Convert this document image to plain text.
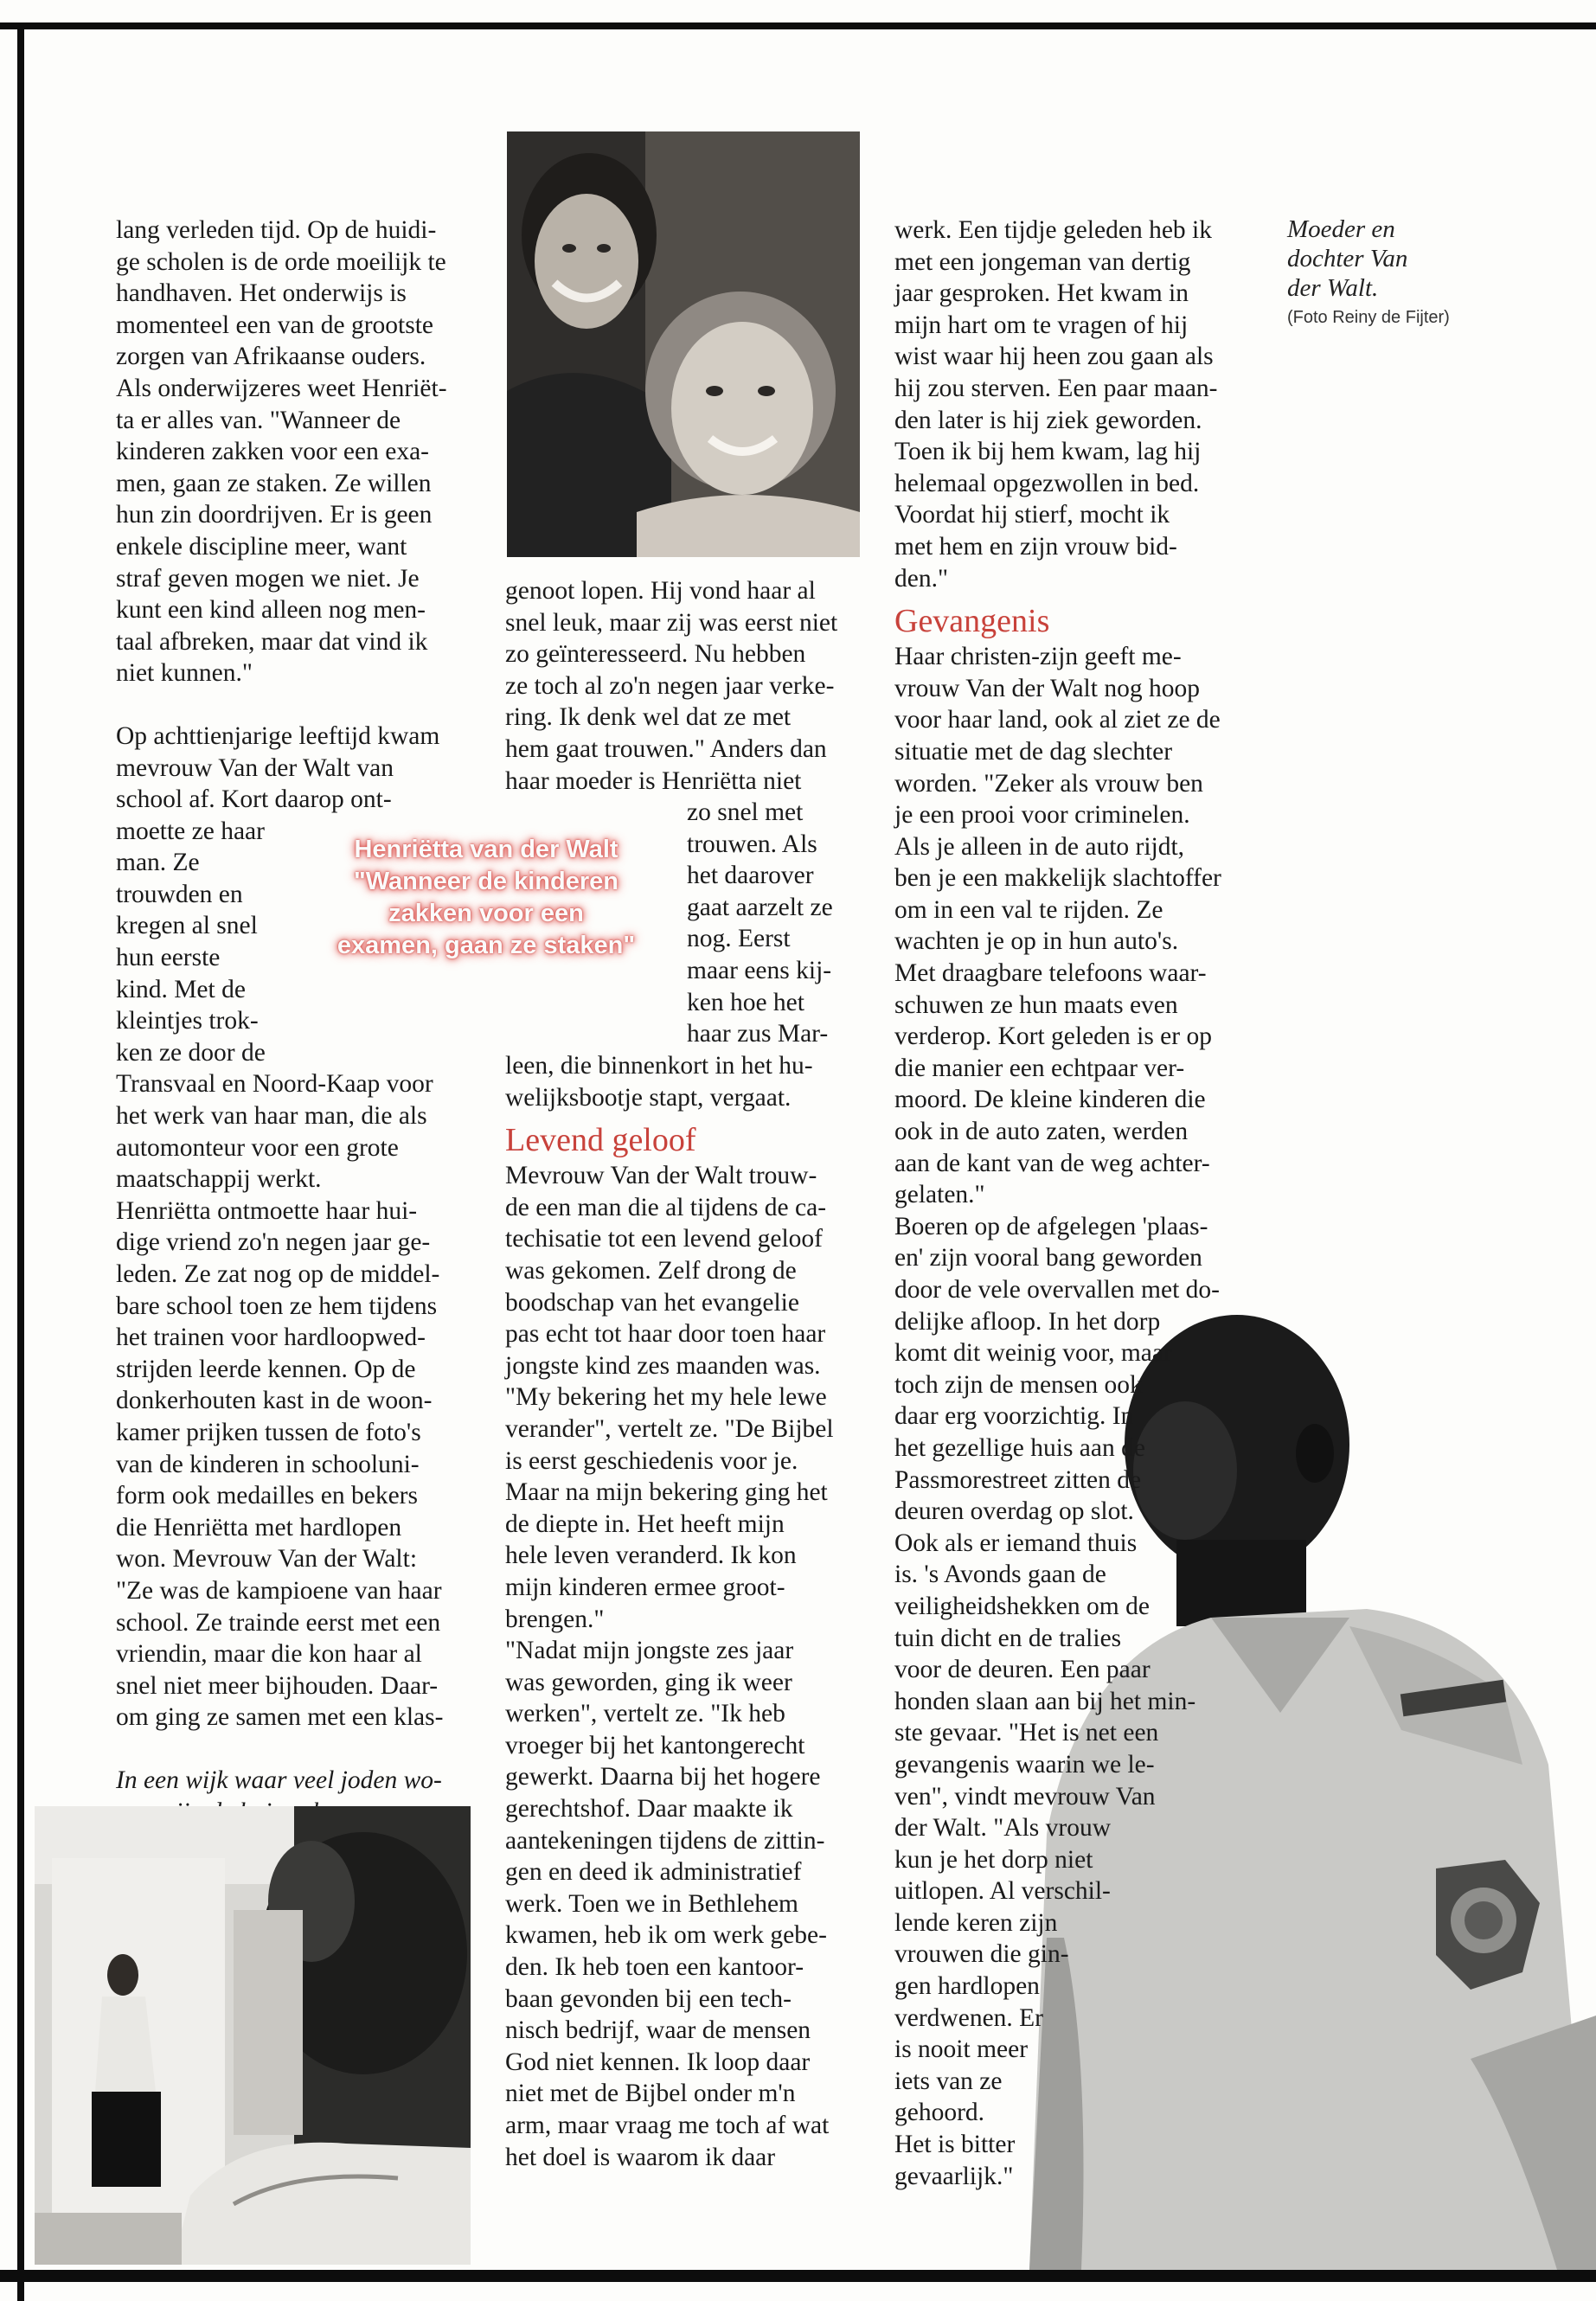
lang verleden tijd. Op de huidi-

ge scholen is de orde moeilijk te

handhaven. Het onderwijs is

momenteel een van de grootste

zorgen van Afrikaanse ouders.

Als onderwijzeres weet Henriët-

ta er alles van. "Wanneer de

kinderen zakken voor een exa-

men, gaan ze staken. Ze willen

hun zin doordrijven. Er is geen

enkele discipline meer, want

straf geven mogen we niet. Je

kunt een kind alleen nog men-

taal afbreken, maar dat vind ik

niet kunnen."

Op achttienjarige leeftijd kwam

mevrouw Van der Walt van

school af. Kort daarop ont-

moette ze haar

man. Ze

trouwden en

kregen al snel

hun eerste

kind. Met de

kleintjes trok-

ken ze door de

Transvaal en Noord-Kaap voor

het werk van haar man, die als

automonteur voor een grote

maatschappij werkt.

Henriëtta ontmoette haar hui-

dige vriend zo'n negen jaar ge-

leden. Ze zat nog op de middel-

bare school toen ze hem tijdens

het trainen voor hardloopwed-

strijden leerde kennen. Op de

donkerhouten kast in de woon-

kamer prijken tussen de foto's

van de kinderen in schooluni-

form ook medailles en bekers

die Henriëtta met hardlopen

won. Mevrouw Van der Walt:

"Ze was de kampioene van haar

school. Ze trainde eerst met een

vriendin, maar die kon haar al

snel niet meer bijhouden. Daar-

om ging ze samen met een klas-

In een wijk waar veel joden wo-

genoot lopen. Hij vond haar al

snel leuk, maar zij was eerst niet

zo geïnteresseerd. Nu hebben

ze toch al zo'n negen jaar verke-

ring. Ik denk wel dat ze met

hem gaat trouwen." Anders dan

haar moeder is Henriëtta niet

zo snel met

trouwen. Als

het daarover

gaat aarzelt ze

nog. Eerst

maar eens kij-

ken hoe het

haar zus Mar-

Henriëtta van der Walt

"Wanneer de kinderen

zakken voor een

examen, gaan ze staken"

leen, die binnenkort in het hu-

welijksbootje stapt, vergaat.

Levend geloof

Mevrouw Van der Walt trouw-

de een man die al tijdens de ca-

techisatie tot een levend geloof

was gekomen. Zelf drong de

boodschap van het evangelie

pas echt tot haar door toen haar

jongste kind zes maanden was.

"My bekering het my hele lewe

verander", vertelt ze. "De Bijbel

is eerst geschiedenis voor je.

Maar na mijn bekering ging het

de diepte in. Het heeft mijn

hele leven veranderd. Ik kon

mijn kinderen ermee groot-

brengen."

"Nadat mijn jongste zes jaar

was geworden, ging ik weer

werken", vertelt ze. "Ik heb

vroeger bij het kantongerecht

gewerkt. Daarna bij het hogere

gerechtshof. Daar maakte ik

aantekeningen tijdens de zittin-

gen en deed ik administratief

werk. Toen we in Bethlehem

kwamen, heb ik om werk gebe-

den. Ik heb toen een kantoor-

baan gevonden bij een tech-

nisch bedrijf, waar de mensen

God niet kennen. Ik loop daar

niet met de Bijbel onder m'n

arm, maar vraag me toch af wat

het doel is waarom ik daar

werk. Een tijdje geleden heb ik

met een jongeman van dertig

jaar gesproken. Het kwam in

mijn hart om te vragen of hij

wist waar hij heen zou gaan als

hij zou sterven. Een paar maan-

den later is hij ziek geworden.

Toen ik bij hem kwam, lag hij

helemaal opgezwollen in bed.

Voordat hij stierf, mocht ik

met hem en zijn vrouw bid-

den."

Gevangenis

Haar christen-zijn geeft me-

vrouw Van der Walt nog hoop

voor haar land, ook al ziet ze de

situatie met de dag slechter

worden. "Zeker als vrouw ben

je een prooi voor criminelen.

Als je alleen in de auto rijdt,

ben je een makkelijk slachtoffer

om in een val te rijden. Ze

wachten je op in hun auto's.

Met draagbare telefoons waar-

schuwen ze hun maats even

verderop. Kort geleden is er op

die manier een echtpaar ver-

moord. De kleine kinderen die

ook in de auto zaten, werden

aan de kant van de weg achter-

gelaten."

Boeren op de afgelegen 'plaas-

en' zijn vooral bang geworden

door de vele overvallen met do-

delijke afloop. In het dorp

komt dit weinig voor, maar

toch zijn de mensen ook

daar erg voorzichtig. In

het gezellige huis aan de

Passmorestreet zitten de

deuren overdag op slot.

Ook als er iemand thuis

is. 's Avonds gaan de

veiligheidshekken om de

tuin dicht en de tralies

voor de deuren. Een paar

honden slaan aan bij het min-

ste gevaar. "Het is net een

gevangenis waarin we le-

ven", vindt mevrouw Van

der Walt. "Als vrouw

kun je het dorp niet

uitlopen. Al verschil-

lende keren zijn

vrouwen die gin-

gen hardlopen

verdwenen. Er

is nooit meer

iets van ze

gehoord.

Het is bitter

gevaarlijk."

Moeder en

dochter Van

der Walt.

(Foto Reiny de Fijter)
